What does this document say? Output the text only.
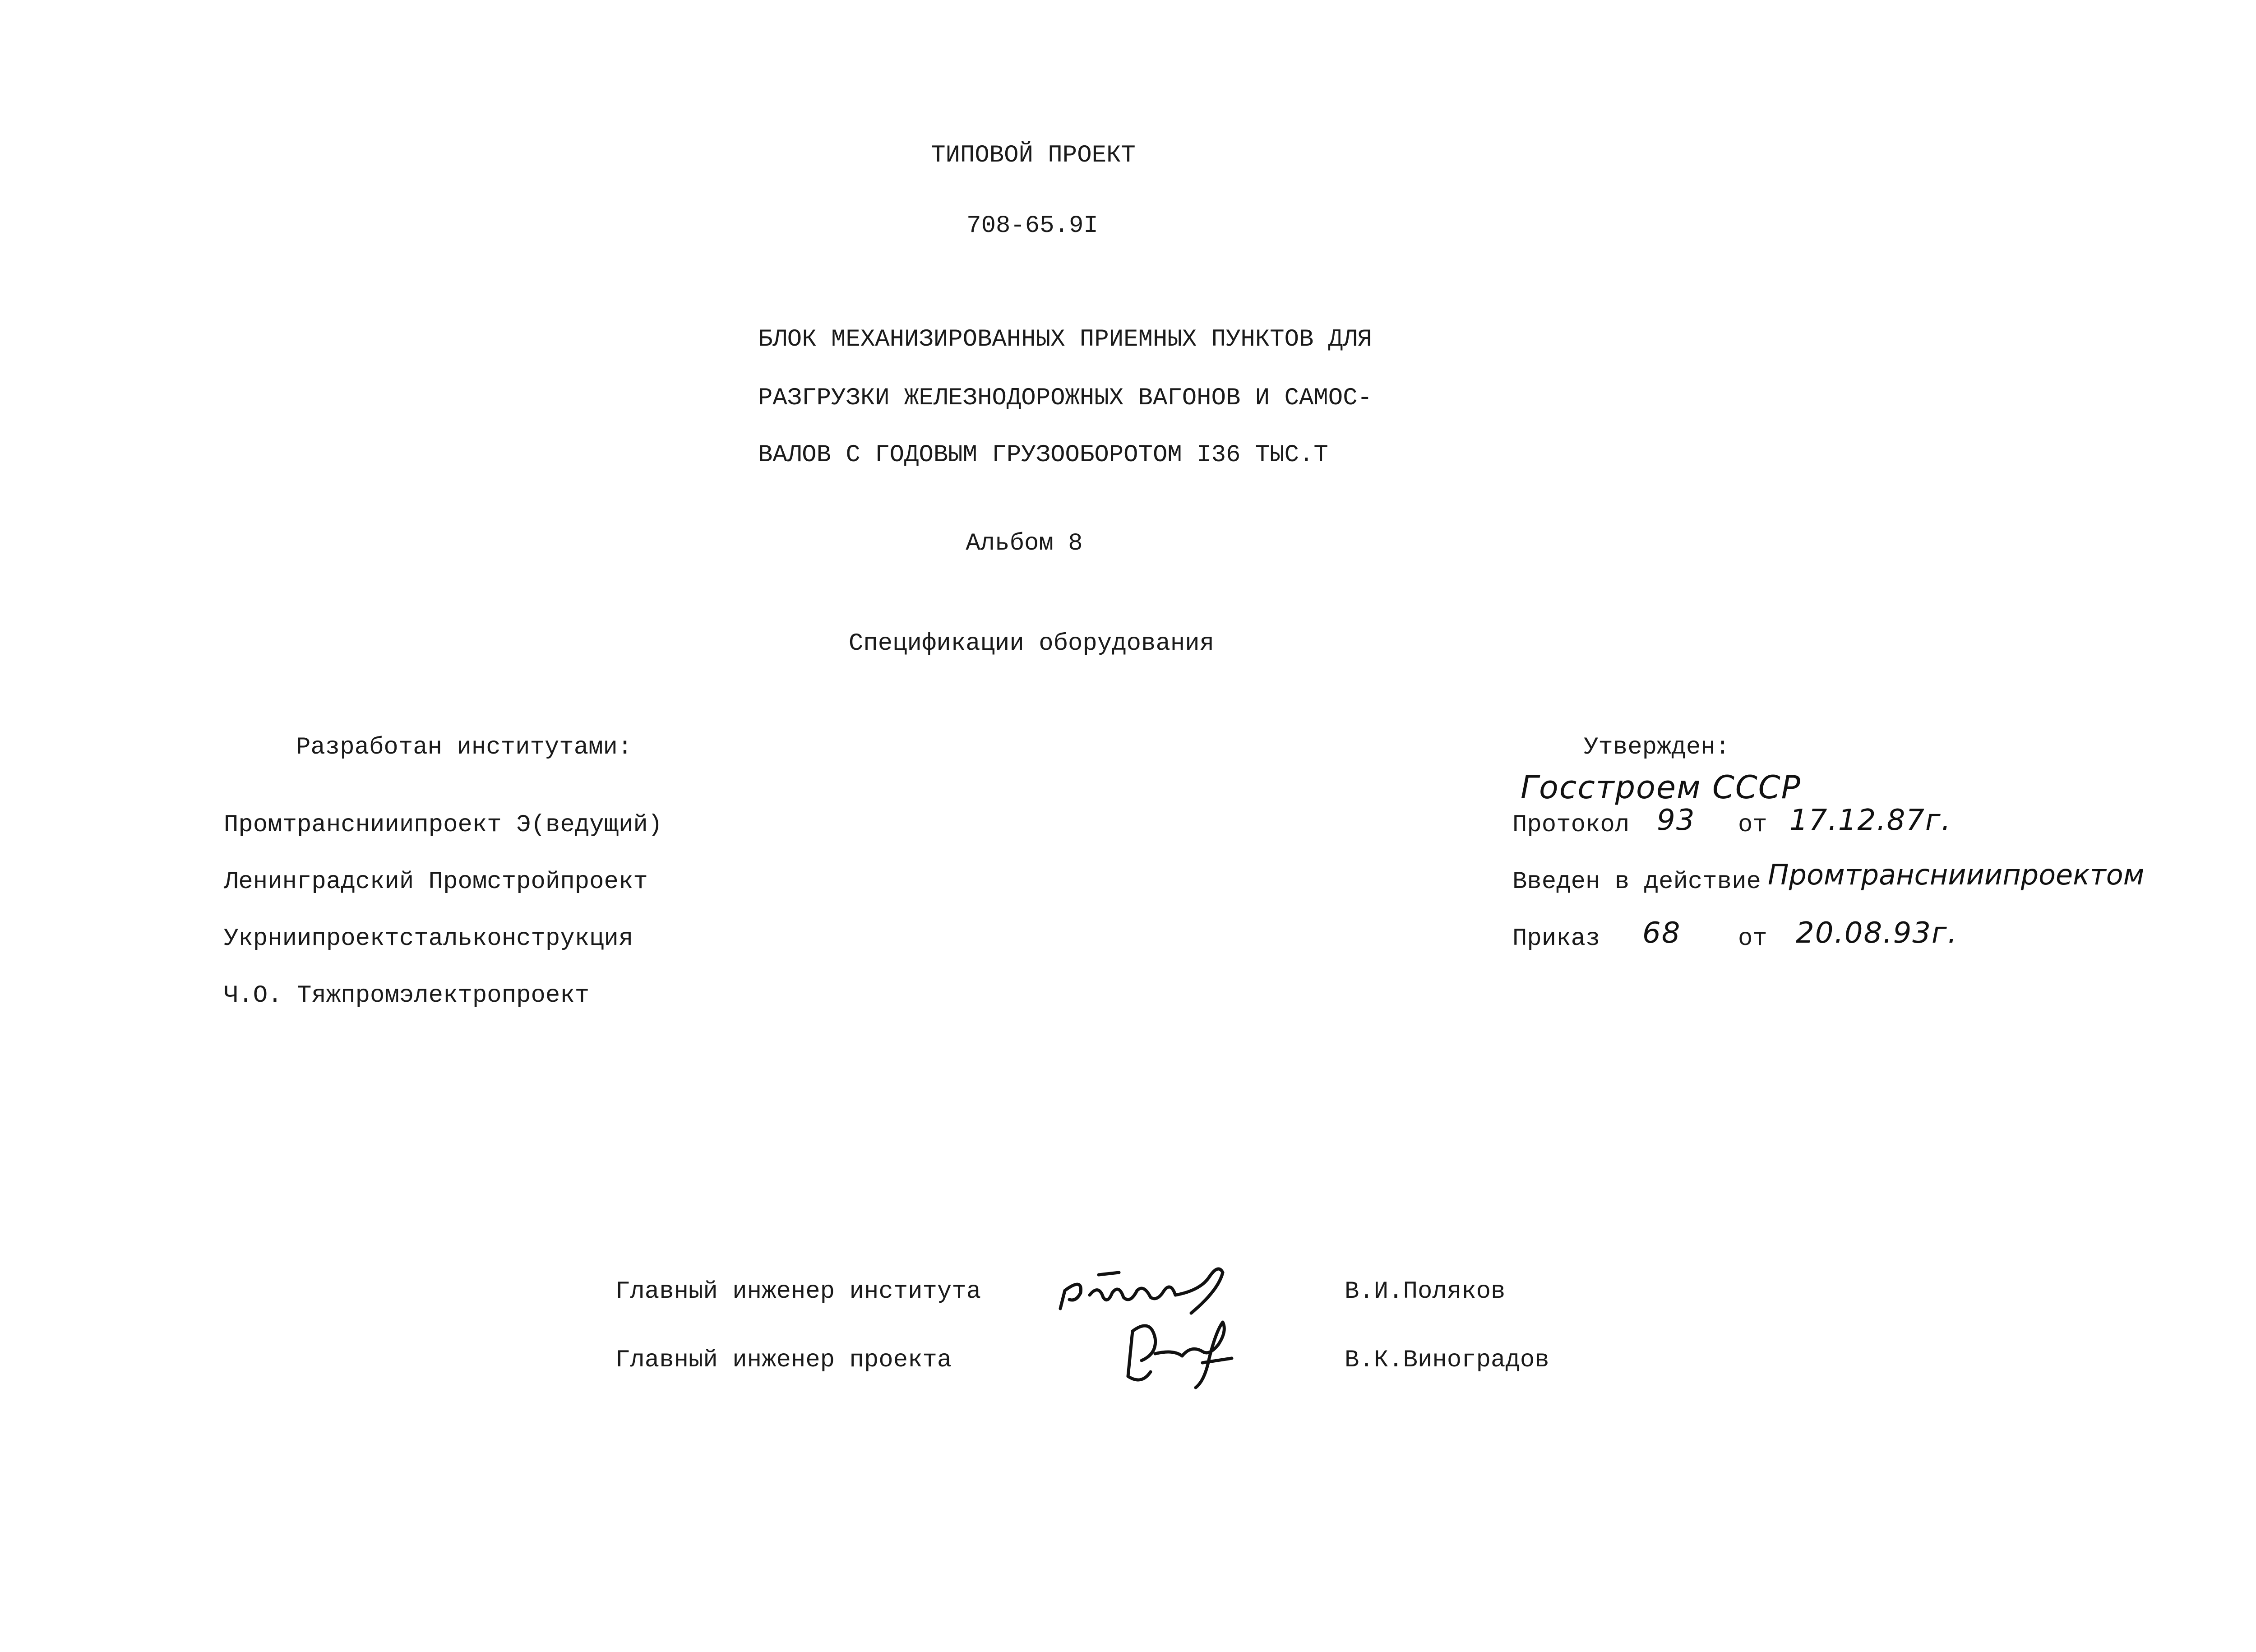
ТИПОВОЙ ПРОЕКТ
708-65.9I
БЛОК МЕХАНИЗИРОВАННЫХ ПРИЕМНЫХ ПУНКТОВ ДЛЯ
РАЗГРУЗКИ ЖЕЛЕЗНОДОРОЖНЫХ ВАГОНОВ И САМОС-
ВАЛОВ С ГОДОВЫМ ГРУЗООБОРОТОМ I36 ТЫС.Т
Альбом 8
Спецификации оборудования
Разработан институтами:
Промтранснииипроект Э(ведущий)
Ленинградский Промстройпроект
Укрниипроектстальконструкция
Ч.О. Тяжпромэлектропроект
Утвержден:
Госстроем СССР
Протокол 93 от 17.12.87г.
Введен в действие Промтранснииипроектом
Приказ 68 от 20.08.93г.
Главный инженер института	В.И.Поляков
Главный инженер проекта	В.К.Виноградов
